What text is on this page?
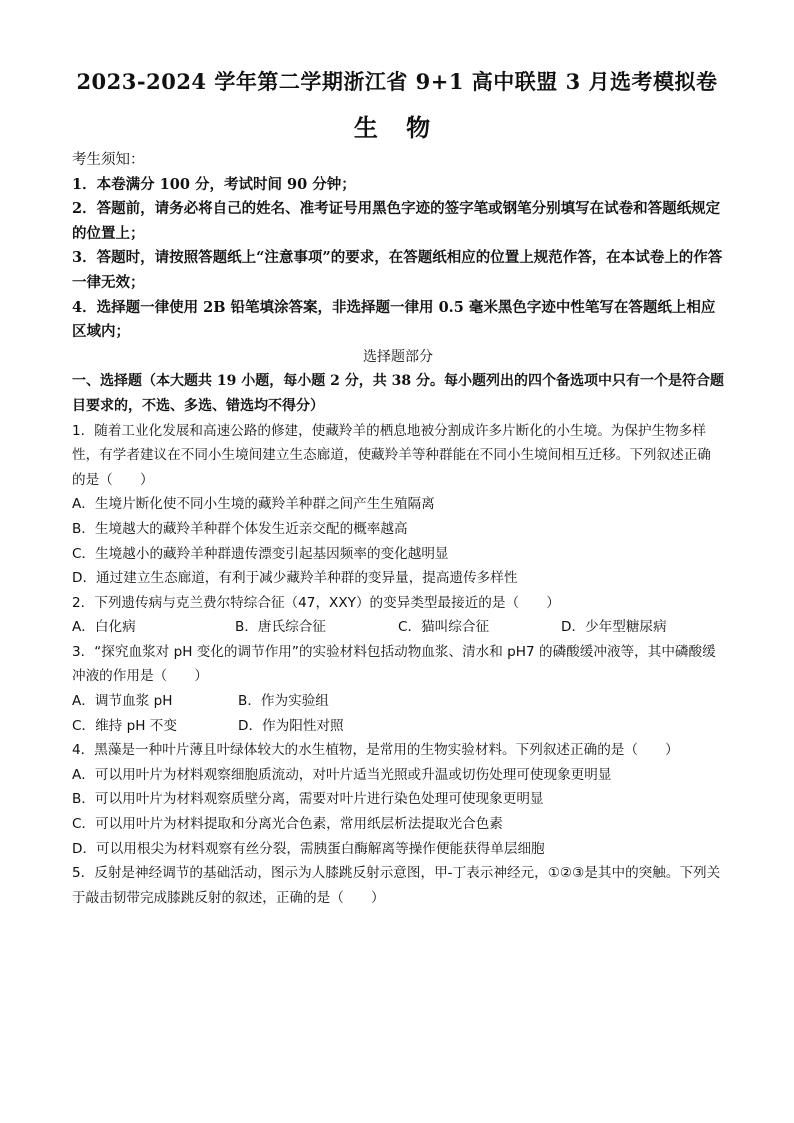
2023-2024 学年第二学期浙江省 9+1 高中联盟 3 月选考模拟卷
生 物
考生须知：
1．本卷满分 100 分，考试时间 90 分钟；
2．答题前，请务必将自己的姓名、准考证号用黑色字迹的签字笔或钢笔分别填写在试卷和答题纸规定的位置上；
3．答题时，请按照答题纸上“注意事项”的要求，在答题纸相应的位置上规范作答，在本试卷上的作答一律无效；
4．选择题一律使用 2B 铅笔填涂答案，非选择题一律用 0.5 毫米黑色字迹中性笔写在答题纸上相应区域内；
选择题部分
一、选择题（本大题共 19 小题，每小题 2 分，共 38 分。每小题列出的四个备选项中只有一个是符合题目要求的，不选、多选、错选均不得分）
1．随着工业化发展和高速公路的修建，使藏羚羊的栖息地被分割成许多片断化的小生境。为保护生物多样性，有学者建议在不同小生境间建立生态廊道，使藏羚羊等种群能在不同小生境间相互迁移。下列叙述正确的是（　　）
A．生境片断化使不同小生境的藏羚羊种群之间产生生殖隔离
B．生境越大的藏羚羊种群个体发生近亲交配的概率越高
C．生境越小的藏羚羊种群遗传漂变引起基因频率的变化越明显
D．通过建立生态廊道，有利于减少藏羚羊种群的变异量，提高遗传多样性
2．下列遗传病与克兰费尔特综合征（47，XXY）的变异类型最接近的是（　　）
A．白化病	B．唐氏综合征	C．猫叫综合征	D．少年型糖尿病
3．“探究血浆对 pH 变化的调节作用”的实验材料包括动物血浆、清水和 pH7 的磷酸缓冲液等，其中磷酸缓冲液的作用是（　　）
A．调节血浆 pH	B．作为实验组
C．维持 pH 不变	D．作为阳性对照
4．黑藻是一种叶片薄且叶绿体较大的水生植物，是常用的生物实验材料。下列叙述正确的是（　　）
A．可以用叶片为材料观察细胞质流动，对叶片适当光照或升温或切伤处理可使现象更明显
B．可以用叶片为材料观察质壁分离，需要对叶片进行染色处理可使现象更明显
C．可以用叶片为材料提取和分离光合色素，常用纸层析法提取光合色素
D．可以用根尖为材料观察有丝分裂，需胰蛋白酶解离等操作便能获得单层细胞
5．反射是神经调节的基础活动，图示为人膝跳反射示意图，甲-丁表示神经元，①②③是其中的突触。下列关于敲击韧带完成膝跳反射的叙述，正确的是（　　）
